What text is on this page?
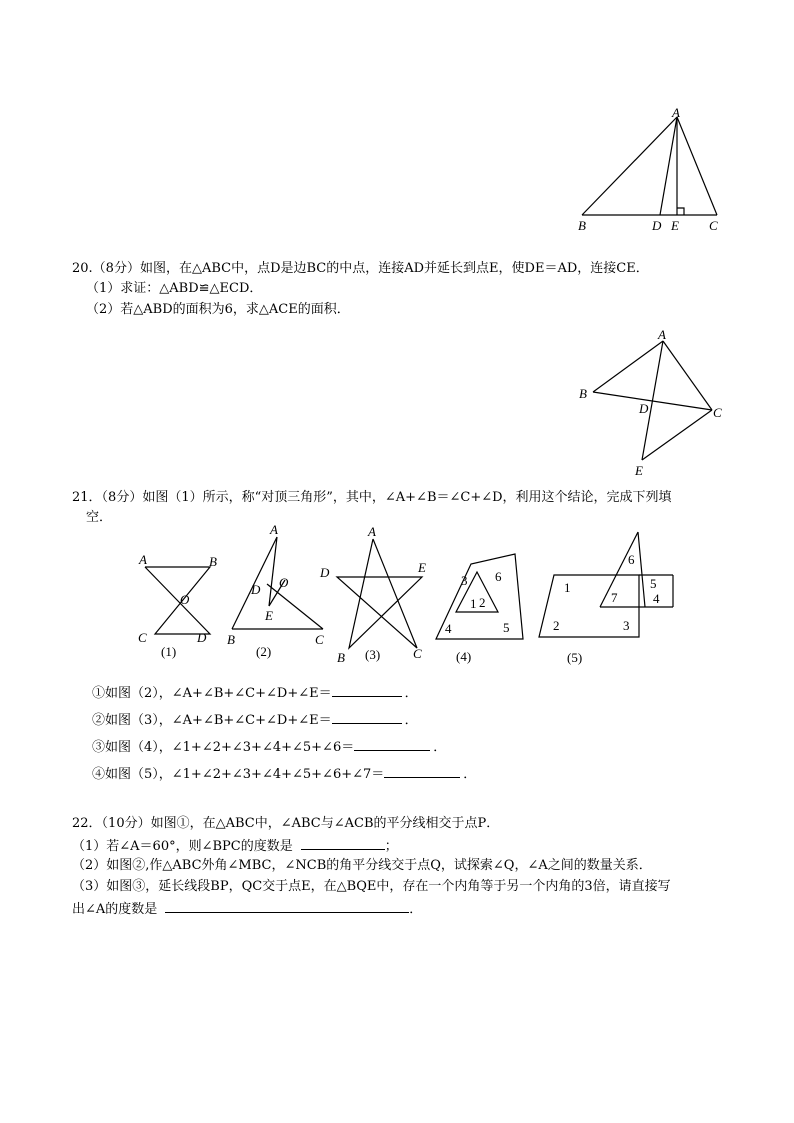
A
B	D E C
20.（8分）如图，在△ABC中，点D是边BC的中点，连接AD并延长到点E，使DE＝AD，连接CE．
（1）求证：△ABD≌△ECD．
（2）若△ABD的面积为6，求△ACE的面积．
A
B
D	C
E
21．（8分）如图（1）所示，称“对顶三角形”，其中，∠A+∠B＝∠C+∠D，利用这个结论，完成下列填
空．
A	B
O
C	D
(1)
A
D O
E
B	C
(2)
A
D	E
B	C
(3)
3 6
1 2
4	5
(4)
6
1	5
7	4
2	3
(5)
①如图（2），∠A+∠B+∠C+∠D+∠E＝	．
②如图（3），∠A+∠B+∠C+∠D+∠E＝	．
③如图（4），∠1+∠2+∠3+∠4+∠5+∠6＝	．
④如图（5），∠1+∠2+∠3+∠4+∠5+∠6+∠7＝	．
22．（10分）如图①，在△ABC中，∠ABC与∠ACB的平分线相交于点P．
（1）若∠A＝60°，则∠BPC的度数是	；
（2）如图②,作△ABC外角∠MBC，∠NCB的角平分线交于点Q，试探索∠Q，∠A之间的数量关系．
（3）如图③，延长线段BP，QC交于点E，在△BQE中，存在一个内角等于另一个内角的3倍，请直接写
出∠A的度数是	．
